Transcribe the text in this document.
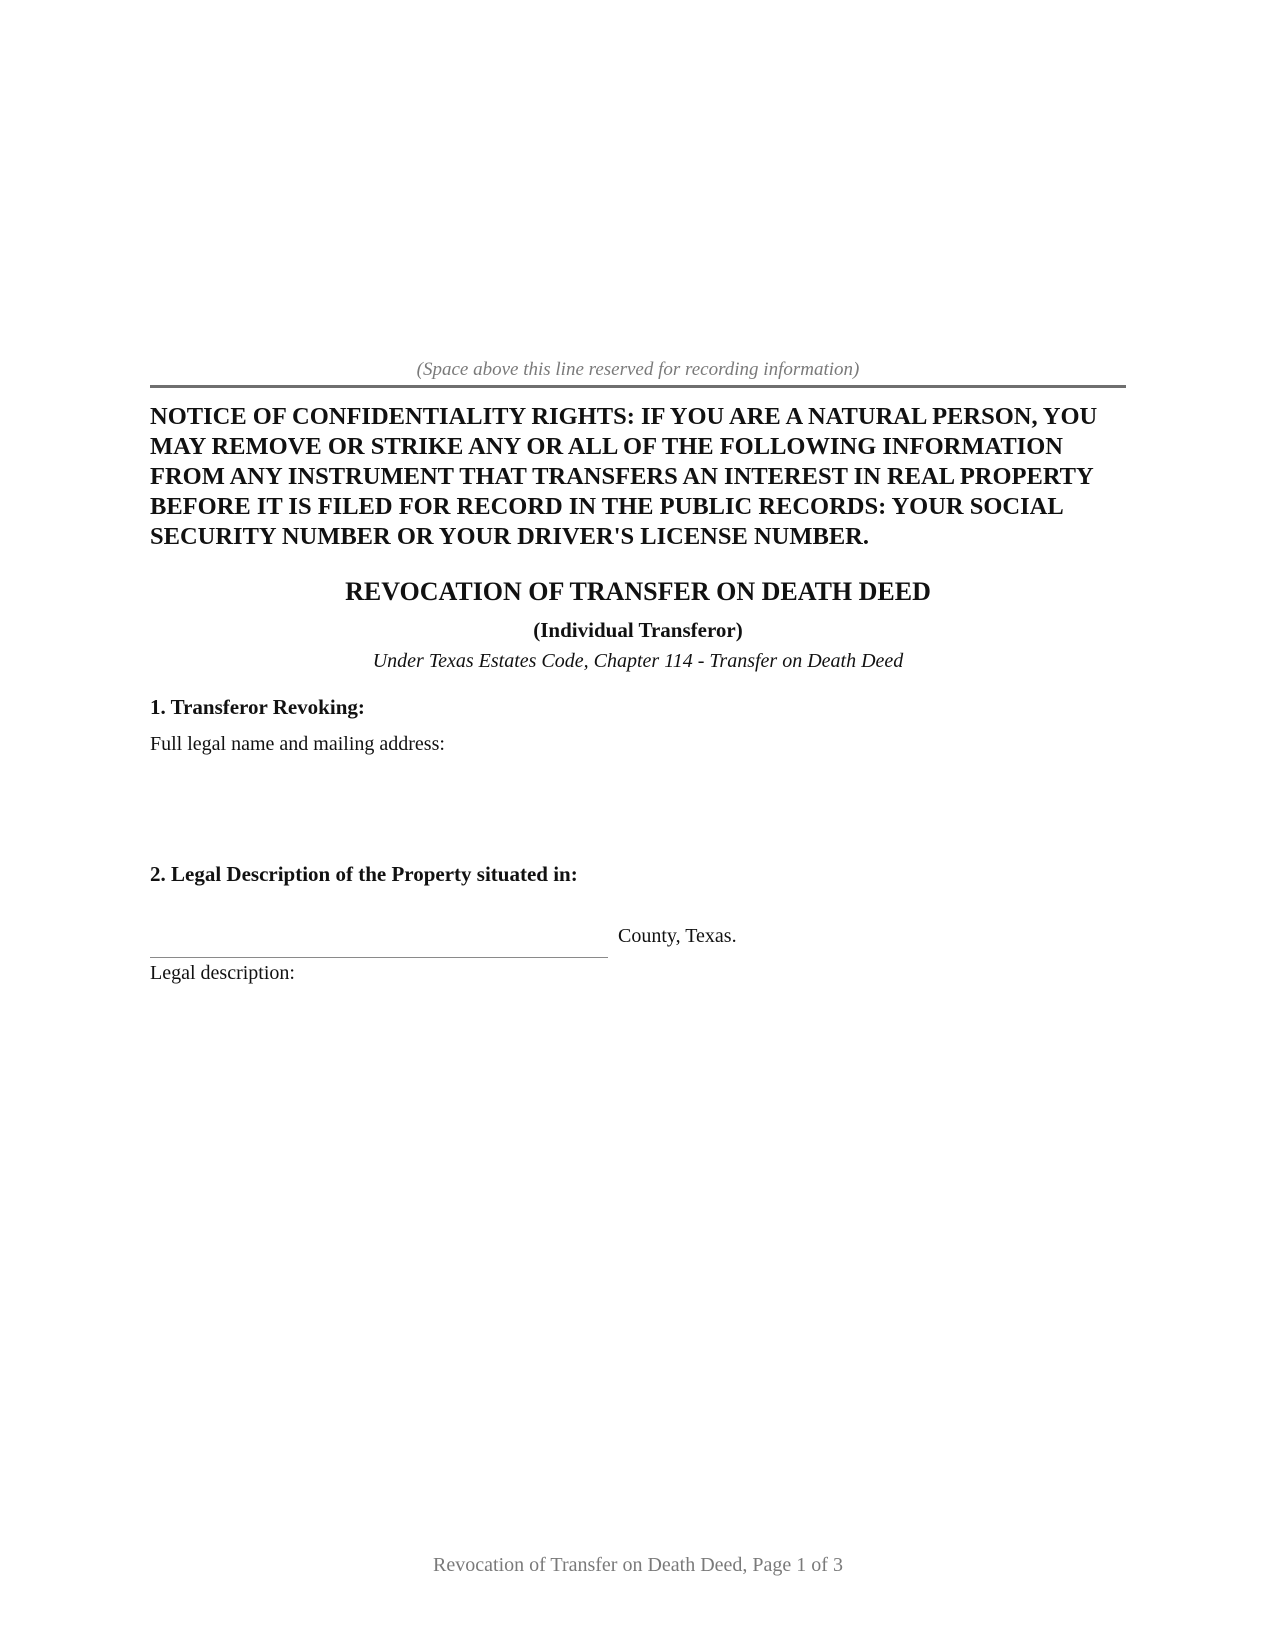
(Space above this line reserved for recording information)

NOTICE OF CONFIDENTIALITY RIGHTS: IF YOU ARE A NATURAL PERSON, YOU MAY REMOVE OR STRIKE ANY OR ALL OF THE FOLLOWING INFORMATION FROM ANY INSTRUMENT THAT TRANSFERS AN INTEREST IN REAL PROPERTY BEFORE IT IS FILED FOR RECORD IN THE PUBLIC RECORDS: YOUR SOCIAL SECURITY NUMBER OR YOUR DRIVER'S LICENSE NUMBER.

REVOCATION OF TRANSFER ON DEATH DEED
(Individual Transferor)
Under Texas Estates Code, Chapter 114 - Transfer on Death Deed
1. Transferor Revoking:
Full legal name and mailing address:
2. Legal Description of the Property situated in:
County, Texas.
Legal description:
Revocation of Transfer on Death Deed, Page 1 of 3
